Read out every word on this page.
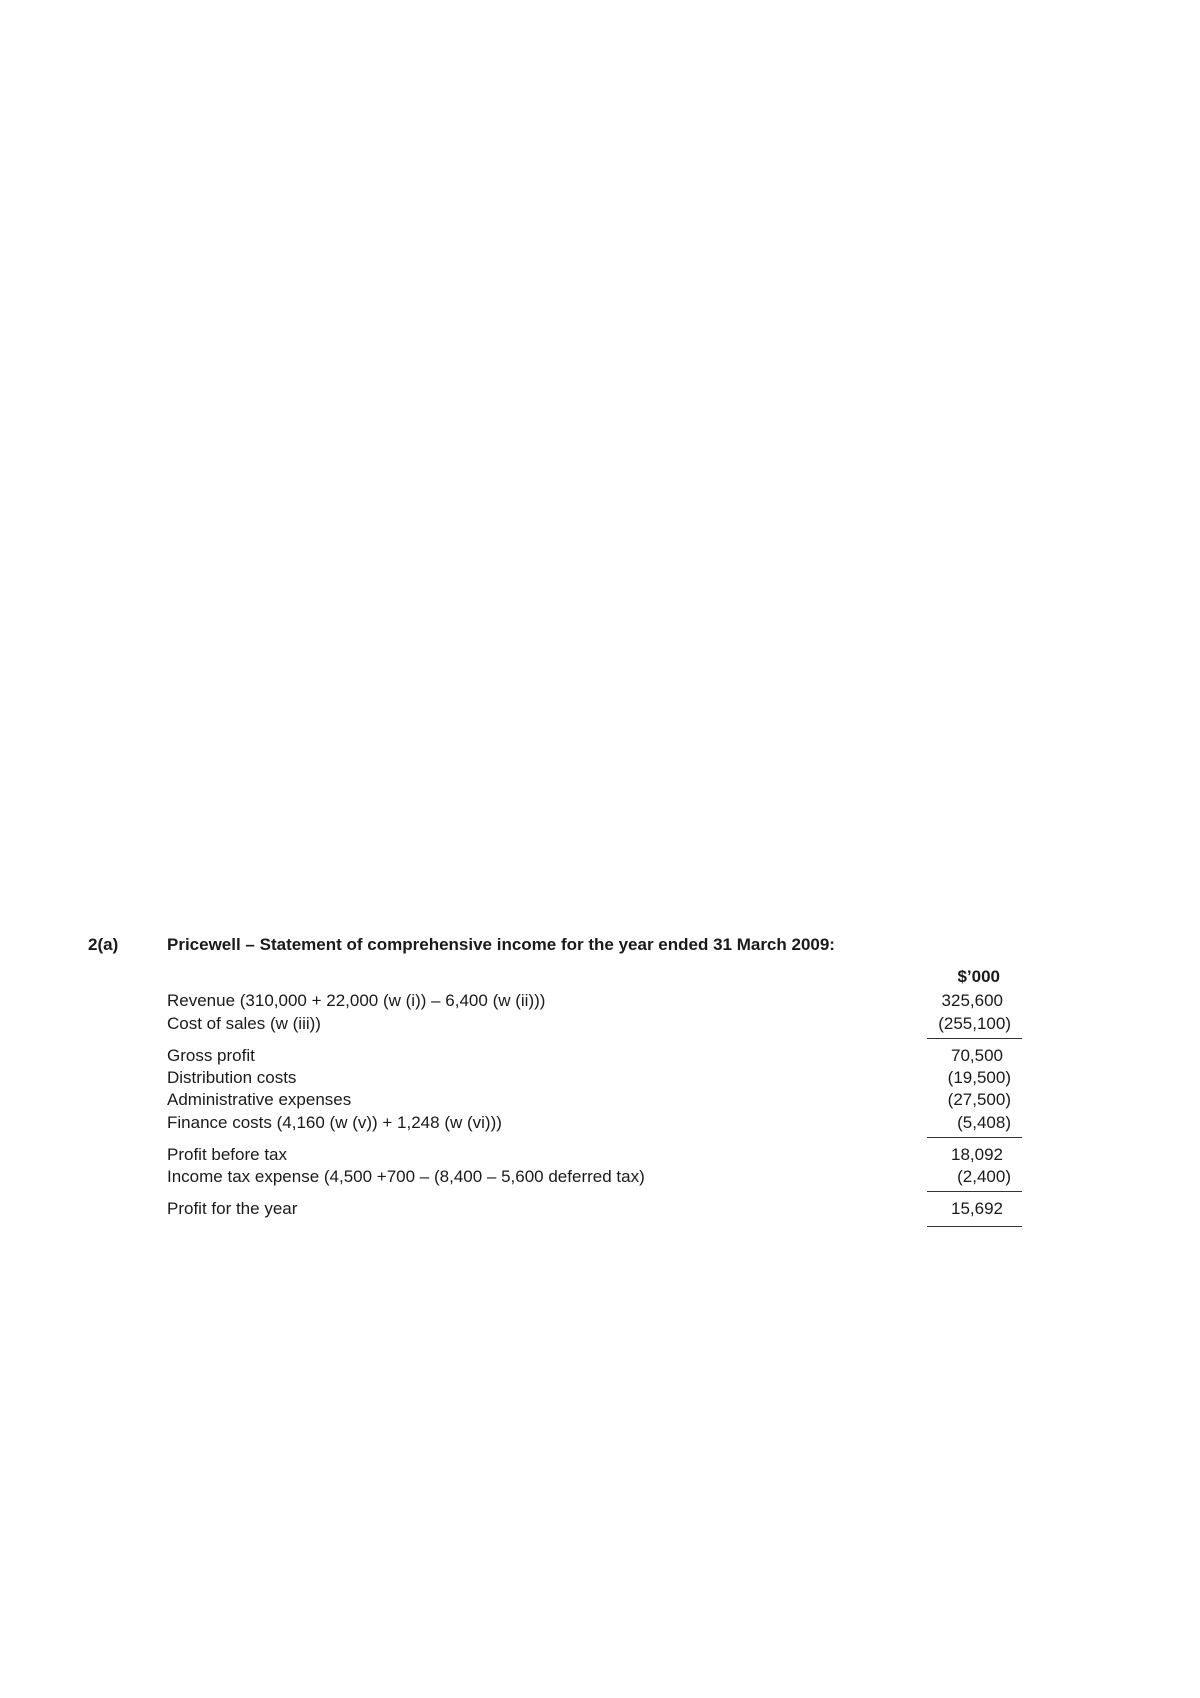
2(a)	Pricewell – Statement of comprehensive income for the year ended 31 March 2009:
$’000
Revenue (310,000 + 22,000 (w (i)) – 6,400 (w (ii)))	325,600
Cost of sales (w (iii))	(255,100)
Gross profit	70,500
Distribution costs	(19,500)
Administrative expenses	(27,500)
Finance costs (4,160 (w (v)) + 1,248 (w (vi)))	(5,408)
Profit before tax	18,092
Income tax expense (4,500 +700 – (8,400 – 5,600 deferred tax)	(2,400)
Profit for the year	15,692
